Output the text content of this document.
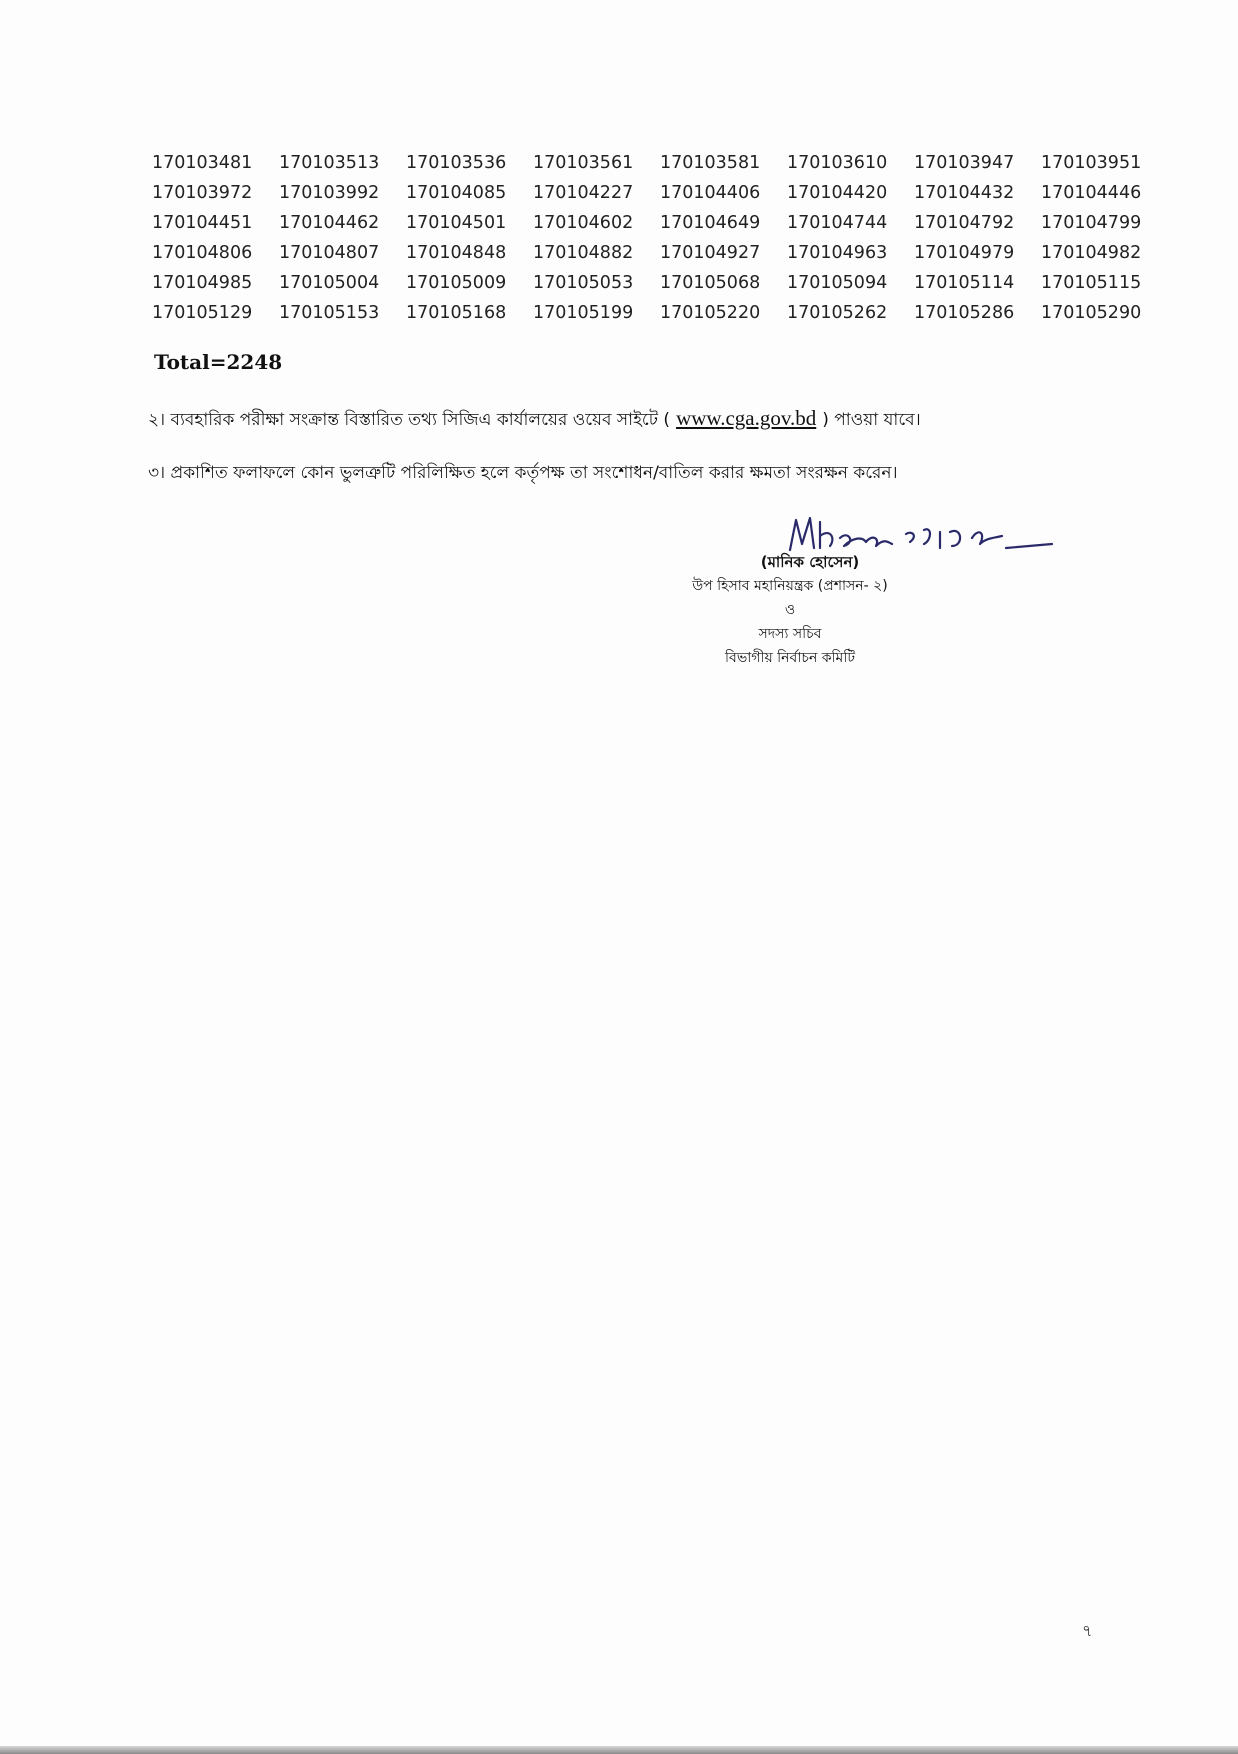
170103481	170103513	170103536	170103561	170103581	170103610	170103947	170103951
170103972	170103992	170104085	170104227	170104406	170104420	170104432	170104446
170104451	170104462	170104501	170104602	170104649	170104744	170104792	170104799
170104806	170104807	170104848	170104882	170104927	170104963	170104979	170104982
170104985	170105004	170105009	170105053	170105068	170105094	170105114	170105115
170105129	170105153	170105168	170105199	170105220	170105262	170105286	170105290
Total=2248
২। ব্যবহারিক পরীক্ষা সংক্রান্ত বিস্তারিত তথ্য সিজিএ কার্যালয়ের ওয়েব সাইটে ( www.cga.gov.bd ) পাওয়া যাবে।
৩। প্রকাশিত ফলাফলে কোন ভুলত্রুটি পরিলিক্ষিত হলে কর্তৃপক্ষ তা সংশোধন/বাতিল করার ক্ষমতা সংরক্ষন করেন।
(মানিক হোসেন)
উপ হিসাব মহানিয়ন্ত্রক (প্রশাসন- ২)
ও
সদস্য সচিব
বিভাগীয় নির্বাচন কমিটি
৭
